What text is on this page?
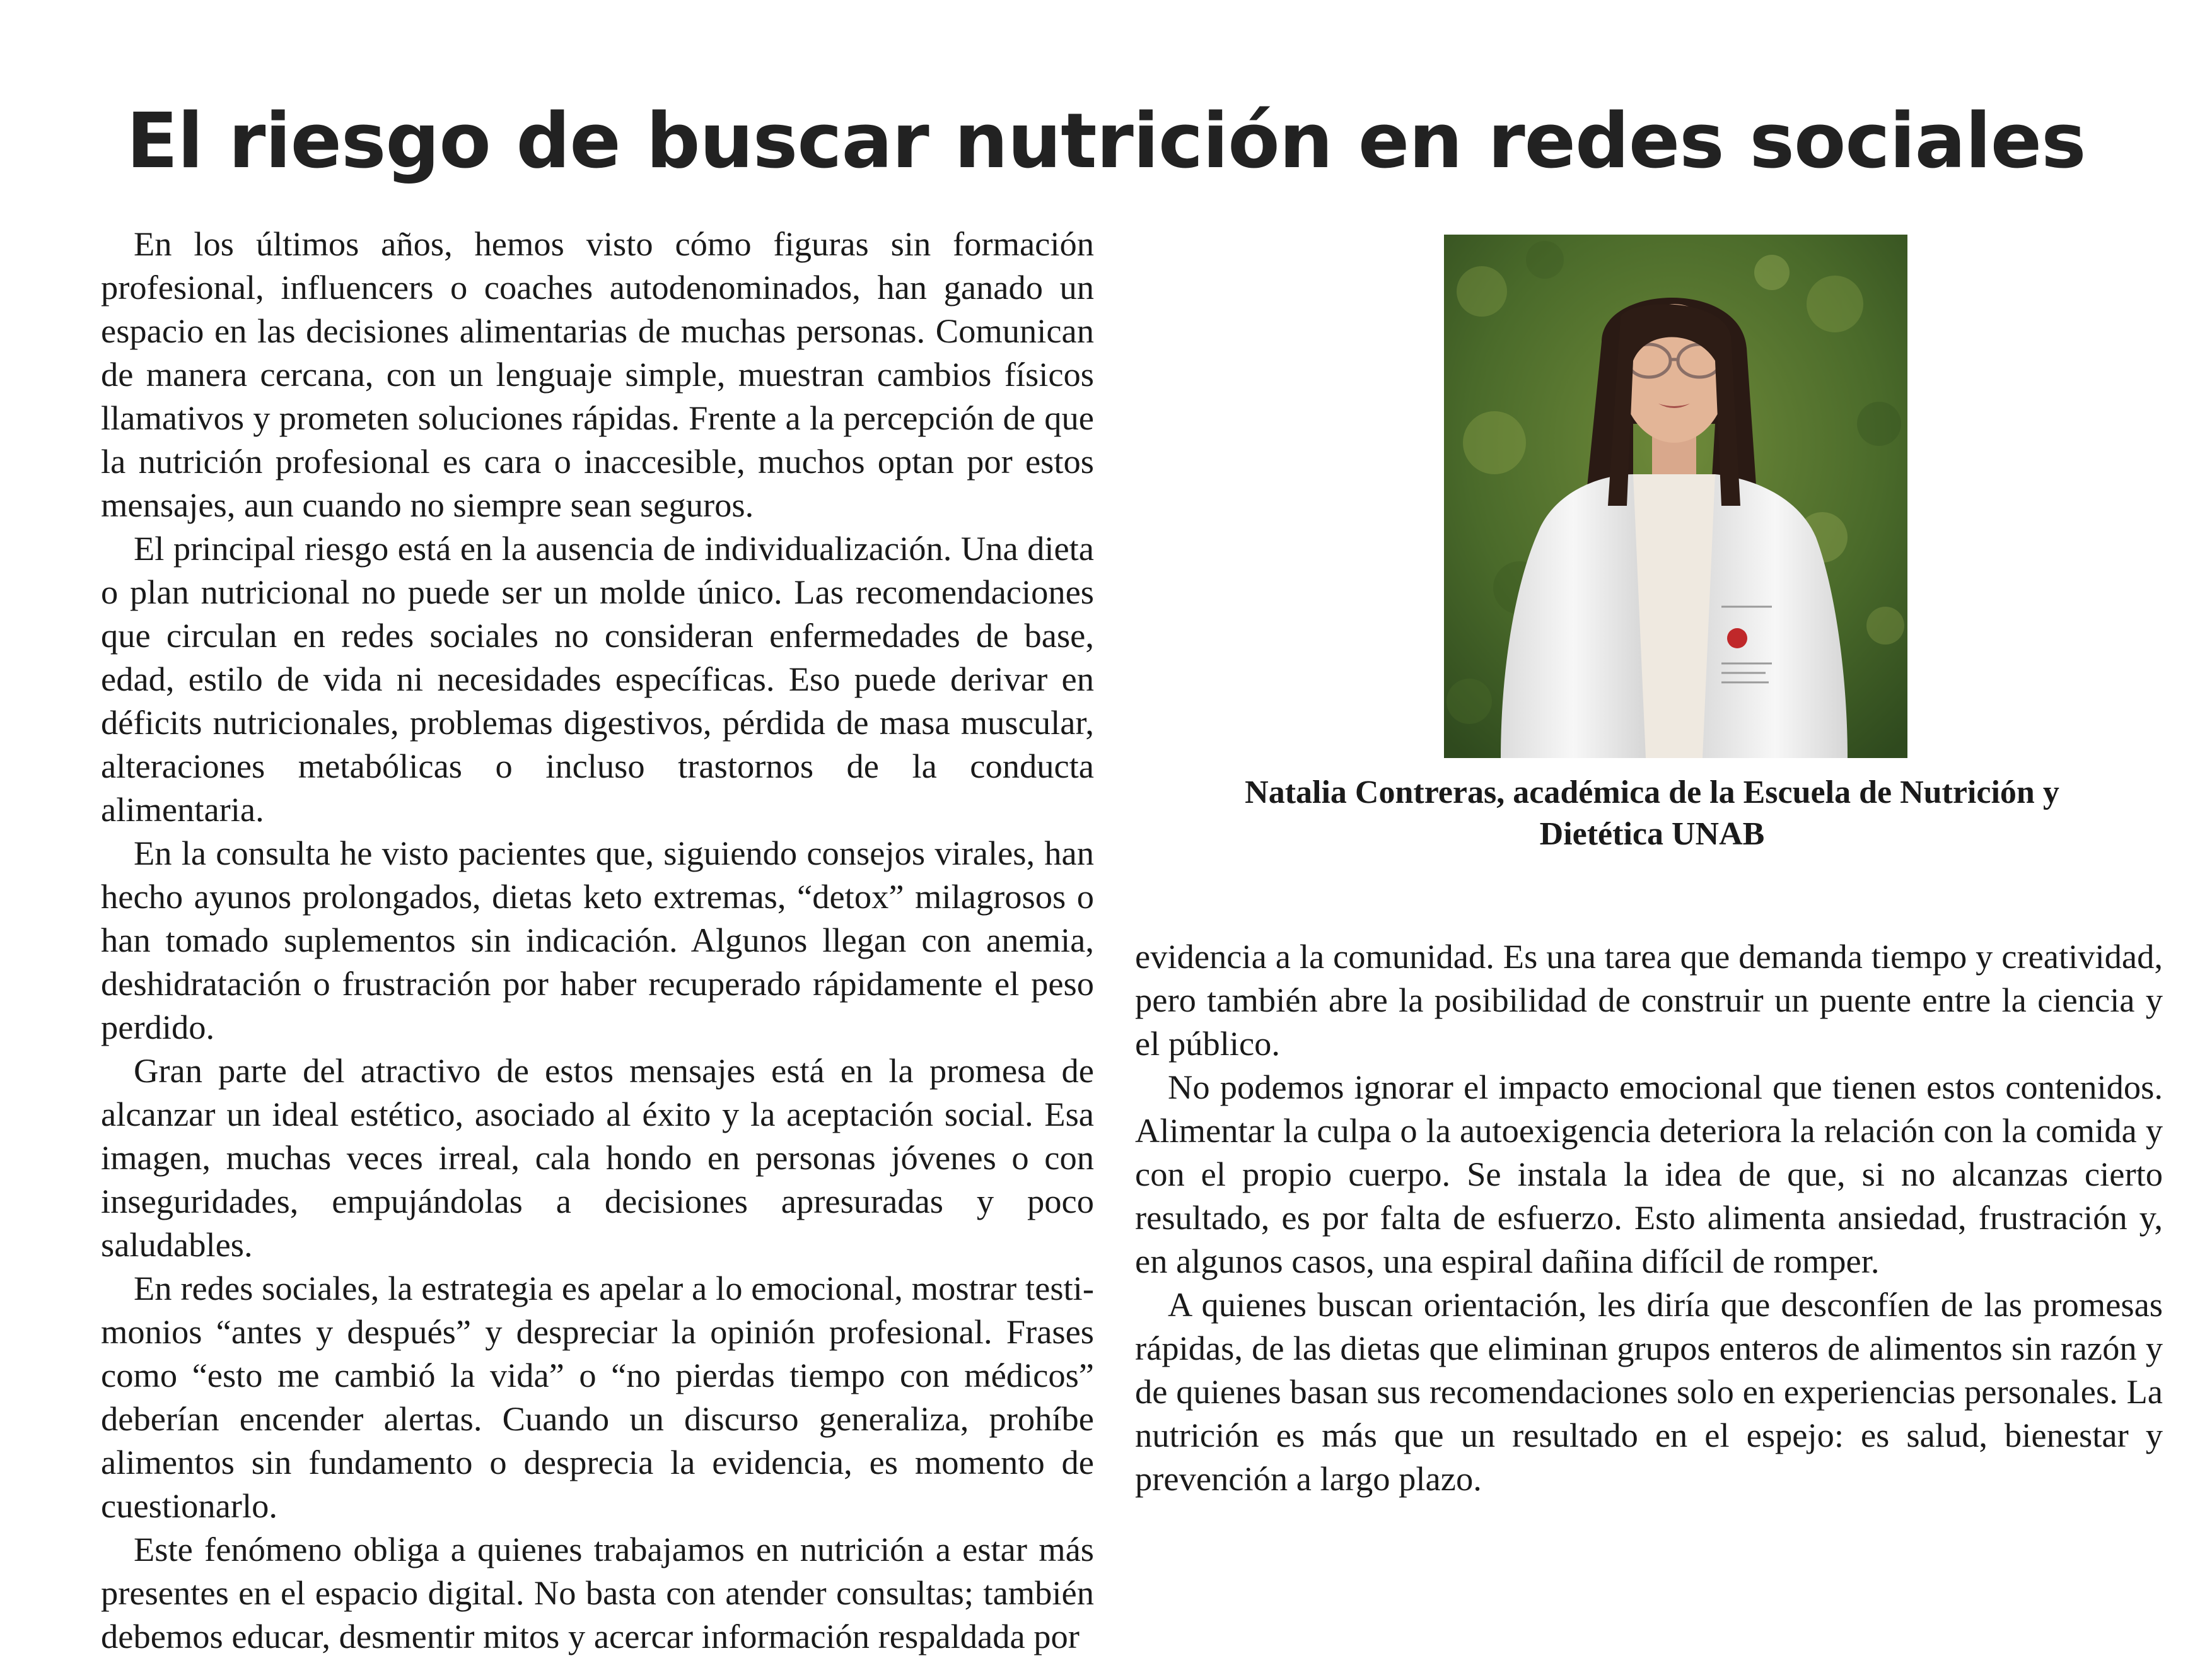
El riesgo de buscar nutrición en redes sociales

En los últimos años, hemos visto cómo figuras sin formación profesional, influencers o coaches autodenominados, han ganado un espacio en las decisiones alimentarias de muchas personas. Comunican de manera cercana, con un lenguaje simple, muestran cambios físicos llamativos y prometen soluciones rápidas. Frente a la percepción de que la nutrición profesional es cara o inaccesible, muchos optan por estos mensajes, aun cuando no siempre sean seguros.

El principal riesgo está en la ausencia de individualización. Una dieta o plan nutricional no puede ser un molde único. Las recomendaciones que circulan en redes sociales no consideran enfermedades de base, edad, estilo de vida ni necesidades específicas. Eso puede derivar en déficits nutricionales, problemas digestivos, pérdida de masa muscular, alteraciones metabólicas o incluso trastornos de la conducta alimentaria.

En la consulta he visto pacientes que, siguiendo consejos virales, han hecho ayunos prolongados, dietas keto extremas, “detox” milagrosos o han tomado suplementos sin indicación. Algunos llegan con anemia, deshidratación o frustración por haber recuperado rápidamente el peso perdido.

Gran parte del atractivo de estos mensajes está en la promesa de alcanzar un ideal estético, asociado al éxito y la aceptación social. Esa imagen, muchas veces irreal, cala hondo en personas jóvenes o con inseguridades, empujándolas a decisiones apresuradas y poco saludables.

En redes sociales, la estrategia es apelar a lo emocional, mostrar testimonios “antes y después” y despreciar la opinión profesional. Frases como “esto me cambió la vida” o “no pierdas tiempo con médicos” deberían encender alertas. Cuando un discurso generaliza, prohíbe alimentos sin fundamento o desprecia la evidencia, es momento de cuestionarlo.

Este fenómeno obliga a quienes trabajamos en nutrición a estar más presentes en el espacio digital. No basta con atender consultas; también debemos educar, desmentir mitos y acercar información respaldada por

Natalia Contreras, académica de la Escuela de Nutrición y Dietética UNAB

evidencia a la comunidad. Es una tarea que demanda tiempo y creatividad, pero también abre la posibilidad de construir un puente entre la ciencia y el público.

No podemos ignorar el impacto emocional que tienen estos contenidos. Alimentar la culpa o la autoexigencia deteriora la relación con la comida y con el propio cuerpo. Se instala la idea de que, si no alcanzas cierto resultado, es por falta de esfuerzo. Esto alimenta ansiedad, frustración y, en algunos casos, una espiral dañina difícil de romper.

A quienes buscan orientación, les diría que desconfíen de las promesas rápidas, de las dietas que eliminan grupos enteros de alimentos sin razón y de quienes basan sus recomendaciones solo en experiencias personales. La nutrición es más que un resultado en el espejo: es salud, bienestar y prevención a largo plazo.
